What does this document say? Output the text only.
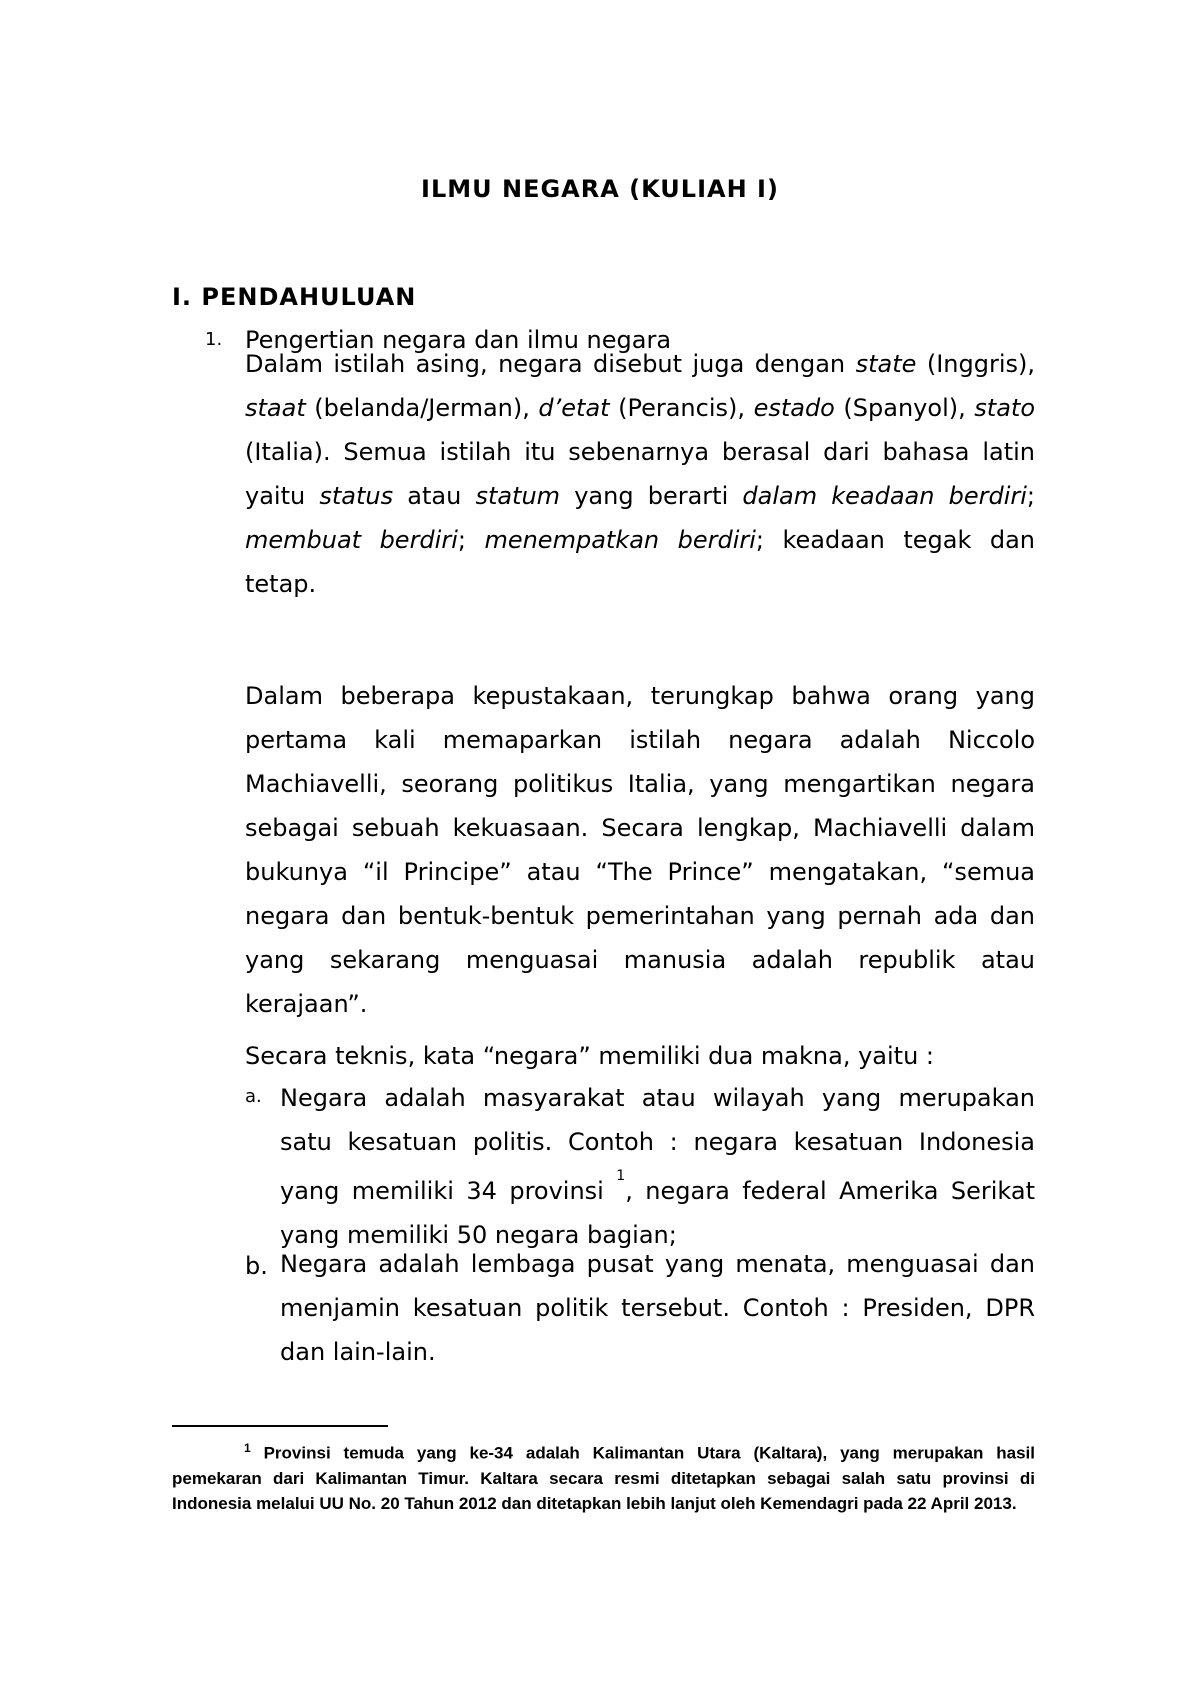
ILMU NEGARA (KULIAH I)
I. PENDAHULUAN
1. Pengertian negara dan ilmu negara

Dalam istilah asing, negara disebut juga dengan state (Inggris), staat (belanda/Jerman), d’etat (Perancis), estado (Spanyol), stato (Italia). Semua istilah itu sebenarnya berasal dari bahasa latin yaitu status atau statum yang berarti dalam keadaan berdiri; membuat berdiri; menempatkan berdiri; keadaan tegak dan tetap.

Dalam beberapa kepustakaan, terungkap bahwa orang yang pertama kali memaparkan istilah negara adalah Niccolo Machiavelli, seorang politikus Italia, yang mengartikan negara sebagai sebuah kekuasaan. Secara lengkap, Machiavelli dalam bukunya “il Principe” atau “The Prince” mengatakan, “semua negara dan bentuk-bentuk pemerintahan yang pernah ada dan yang sekarang menguasai manusia adalah republik atau kerajaan”.

Secara teknis, kata “negara” memiliki dua makna, yaitu :

a. Negara adalah masyarakat atau wilayah yang merupakan satu kesatuan politis. Contoh : negara kesatuan Indonesia yang memiliki 34 provinsi $^1$, negara federal Amerika Serikat yang memiliki 50 negara bagian;

b. Negara adalah lembaga pusat yang menata, menguasai dan menjamin kesatuan politik tersebut. Contoh : Presiden, DPR dan lain-lain.

$^1$ Provinsi temuda yang ke-34 adalah Kalimantan Utara (Kaltara), yang merupakan hasil pemekaran dari Kalimantan Timur. Kaltara secara resmi ditetapkan sebagai salah satu provinsi di Indonesia melalui UU No. 20 Tahun 2012 dan ditetapkan lebih lanjut oleh Kemendagri pada 22 April 2013.
